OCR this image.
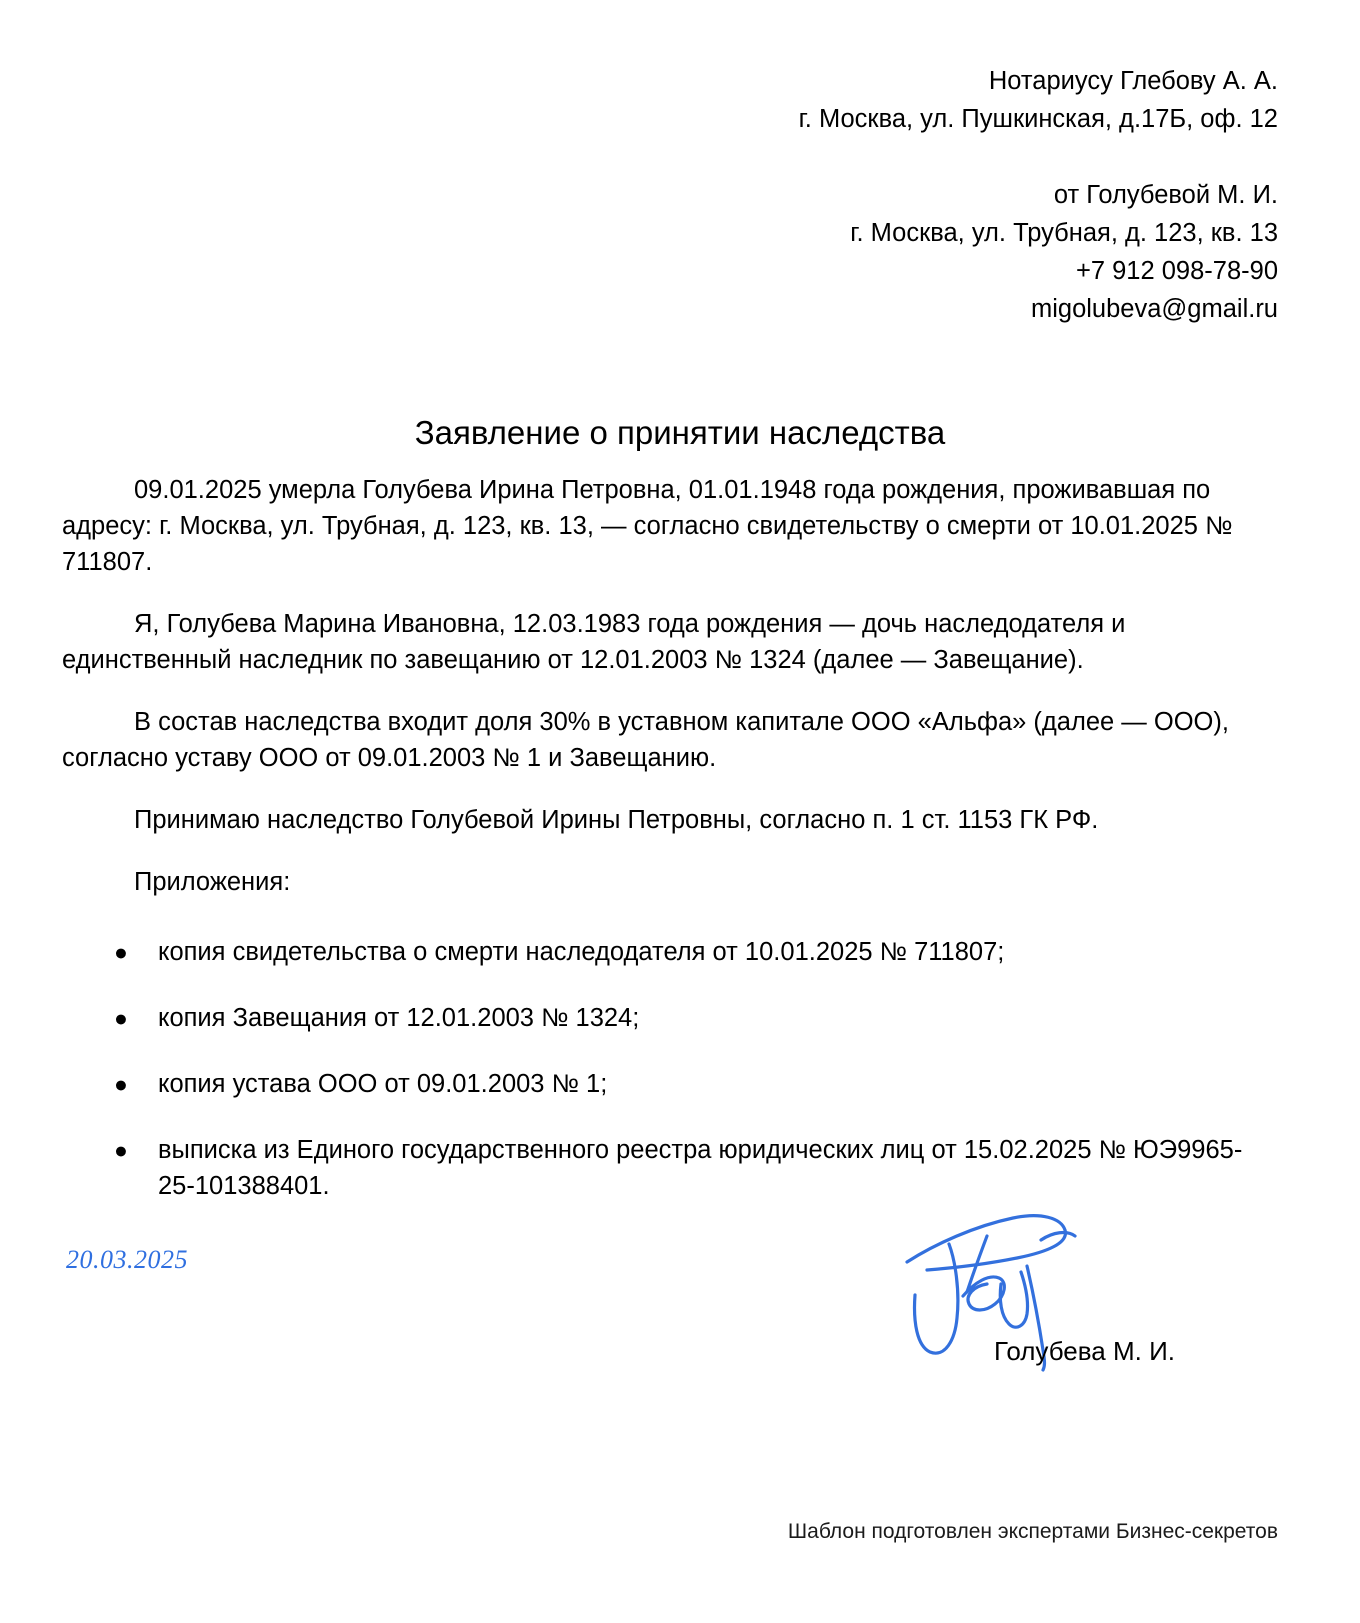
Нотариусу Глебову А. А.
г. Москва, ул. Пушкинская, д.17Б, оф. 12
от Голубевой М. И.
г. Москва, ул. Трубная, д. 123, кв. 13
+7 912 098-78-90
migolubeva@gmail.ru
Заявление о принятии наследства

09.01.2025 умерла Голубева Ирина Петровна, 01.01.1948 года рождения, проживавшая по адресу: г. Москва, ул. Трубная, д. 123, кв. 13, — согласно свидетельству о смерти от 10.01.2025 № 711807.

Я, Голубева Марина Ивановна, 12.03.1983 года рождения — дочь наследодателя и единственный наследник по завещанию от 12.01.2003 № 1324 (далее — Завещание).

В состав наследства входит доля 30% в уставном капитале ООО «Альфа» (далее — ООО), согласно уставу ООО от 09.01.2003 № 1 и Завещанию.

Принимаю наследство Голубевой Ирины Петровны, согласно п. 1 ст. 1153 ГК РФ.

Приложения:

● копия свидетельства о смерти наследодателя от 10.01.2025 № 711807;
● копия Завещания от 12.01.2003 № 1324;
● копия устава ООО от 09.01.2003 № 1;
● выписка из Единого государственного реестра юридических лиц от 15.02.2025 № ЮЭ9965-25-101388401.
20.03.2025
Голубева М. И.
Шаблон подготовлен экспертами Бизнес-секретов
